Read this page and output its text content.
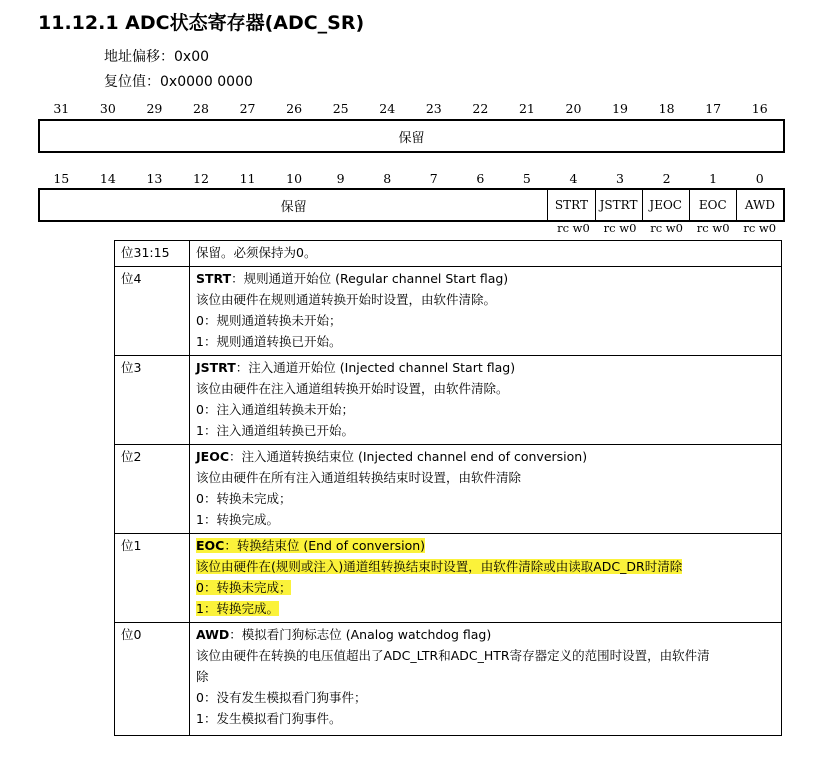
11.12.1 ADC状态寄存器(ADC_SR)
地址偏移：0x00
复位值：0x0000 0000
31	30	29	28	27	26	25	24	23	22	21	20	19	18	17	16
保留
15	14	13	12	11	10	9	8	7	6	5	4	3	2	1	0
保留	STRT JSTRT JEOC	EOC	AWD
rc w0	rc w0	rc w0	rc w0	rc w0
位31:15	保留。必须保持为0。

位4	STRT：规则通道开始位 (Regular channel Start flag)
该位由硬件在规则通道转换开始时设置，由软件清除。
0：规则通道转换未开始；
1：规则通道转换已开始。

位3	JSTRT：注入通道开始位 (Injected channel Start flag)
该位由硬件在注入通道组转换开始时设置，由软件清除。
0：注入通道组转换未开始；
1：注入通道组转换已开始。

位2	JEOC：注入通道转换结束位 (Injected channel end of conversion)
该位由硬件在所有注入通道组转换结束时设置，由软件清除
0：转换未完成；
1：转换完成。

位1	EOC：转换结束位 (End of conversion)
该位由硬件在(规则或注入)通道组转换结束时设置，由软件清除或由读取ADC_DR时清除
0：转换未完成；
1：转换完成。

位0	AWD：模拟看门狗标志位 (Analog watchdog flag)
该位由硬件在转换的电压值超出了ADC_LTR和ADC_HTR寄存器定义的范围时设置，由软件清
除
0：没有发生模拟看门狗事件；
1：发生模拟看门狗事件。
